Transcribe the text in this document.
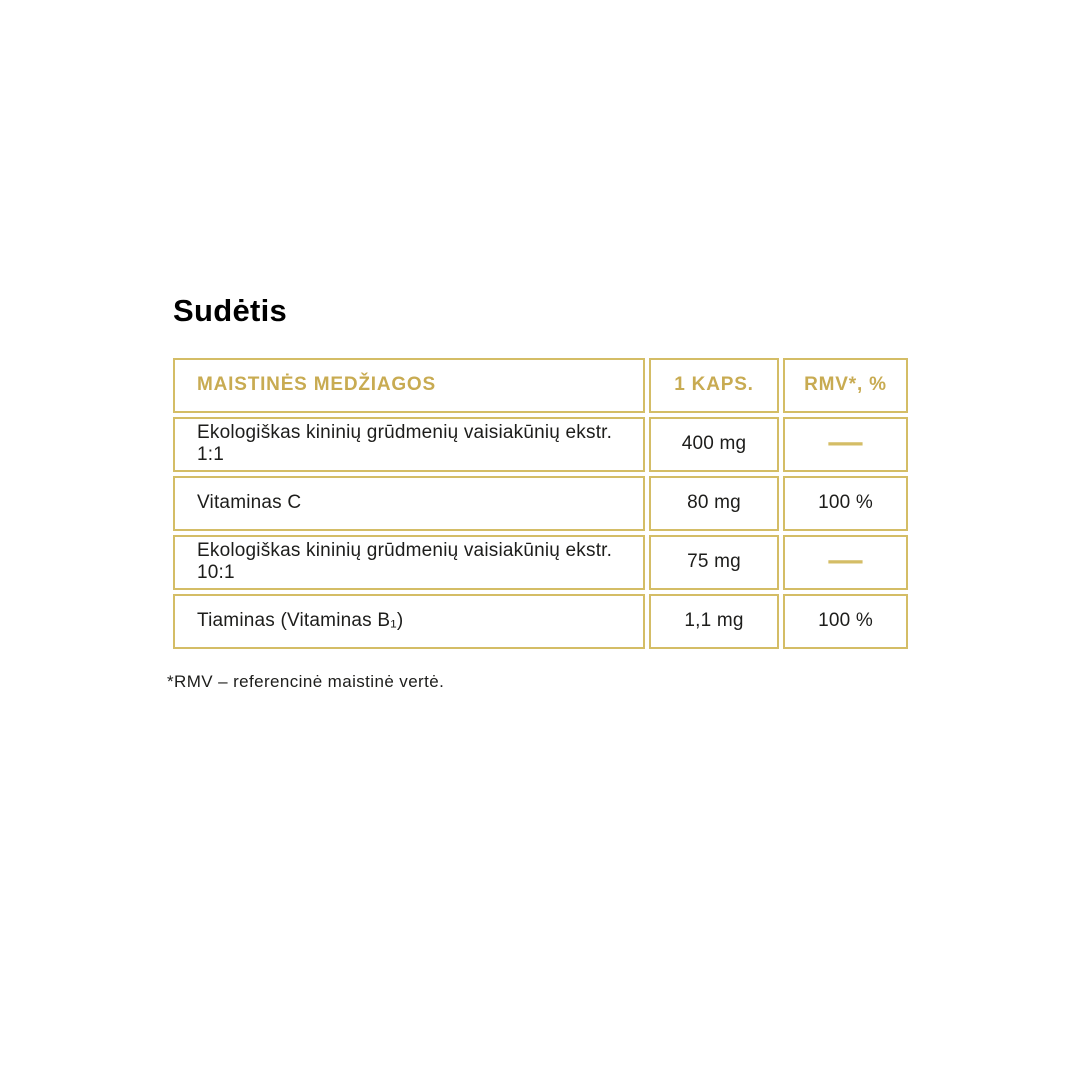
Sudėtis
MAISTINĖS MEDŽIAGOS	1 KAPS.	RMV*, %
Ekologiškas kininių grūdmenių vaisiakūnių ekstr. 1:1	400 mg	—
Vitaminas C	80 mg	100 %
Ekologiškas kininių grūdmenių vaisiakūnių ekstr. 10:1	75 mg	—
Tiaminas (Vitaminas B₁)	1,1 mg	100 %

*RMV – referencinė maistinė vertė.
